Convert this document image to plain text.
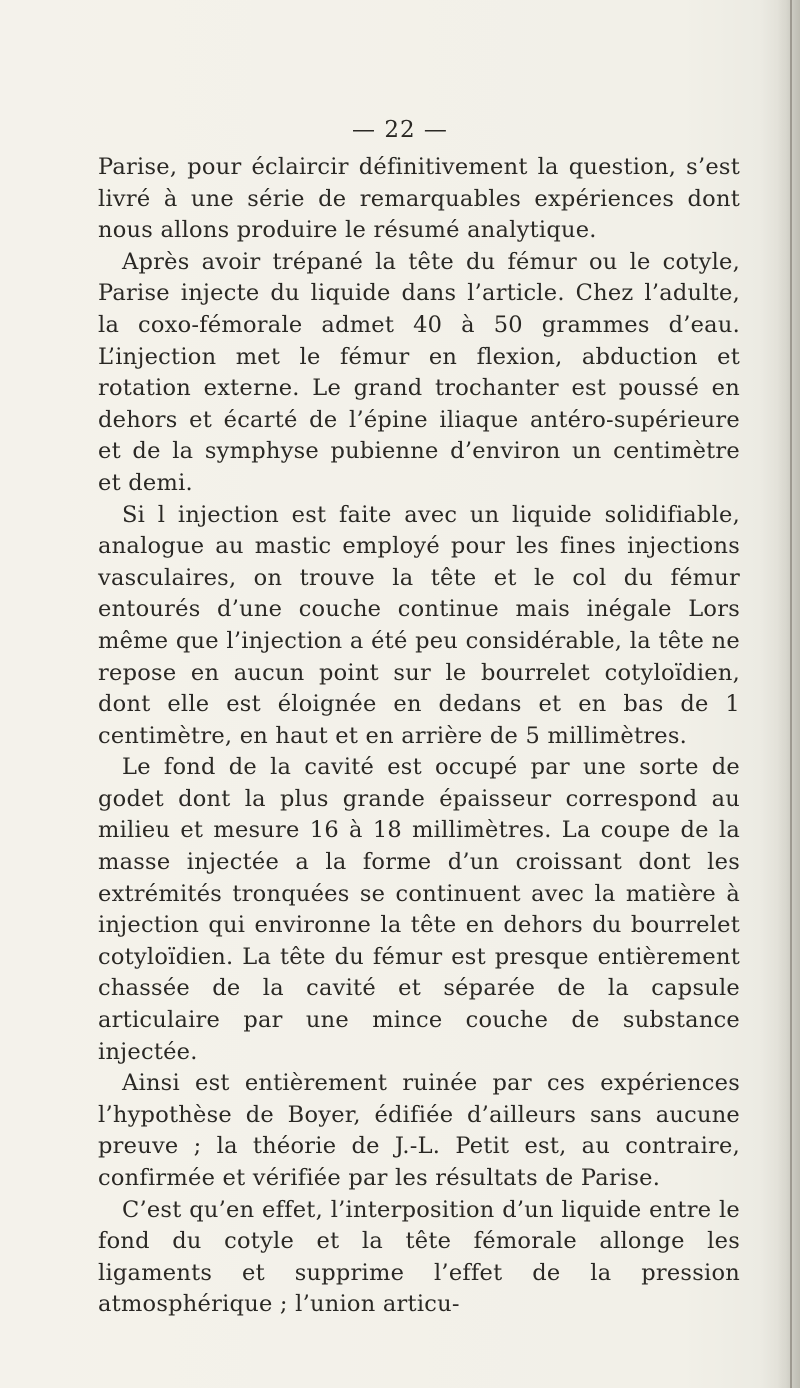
— 22 —

Parise, pour éclaircir définitivement la question, s’est livré à une série de remarquables expériences dont nous allons produire le résumé analytique.

Après avoir trépané la tête du fémur ou le cotyle, Parise injecte du liquide dans l’article. Chez l’adulte, la coxo-fémorale admet 40 à 50 grammes d’eau. L’injection met le fémur en flexion, abduction et rotation externe. Le grand trochanter est poussé en dehors et écarté de l’épine iliaque antéro-supérieure et de la symphyse pubienne d’environ un centimètre et demi.

Si l injection est faite avec un liquide solidifiable, analogue au mastic employé pour les fines injections vasculaires, on trouve la tête et le col du fémur entourés d’une couche continue mais inégale Lors même que l’injection a été peu considérable, la tête ne repose en aucun point sur le bourrelet cotyloïdien, dont elle est éloignée en dedans et en bas de 1 centimètre, en haut et en arrière de 5 millimètres.

Le fond de la cavité est occupé par une sorte de godet dont la plus grande épaisseur correspond au milieu et mesure 16 à 18 millimètres. La coupe de la masse injectée a la forme d’un croissant dont les extrémités tronquées se continuent avec la matière à injection qui environne la tête en dehors du bourrelet cotyloïdien. La tête du fémur est presque entièrement chassée de la cavité et séparée de la capsule articulaire par une mince couche de substance injectée.

Ainsi est entièrement ruinée par ces expériences l’hypothèse de Boyer, édifiée d’ailleurs sans aucune preuve ; la théorie de J.-L. Petit est, au contraire, confirmée et vérifiée par les résultats de Parise.

C’est qu’en effet, l’interposition d’un liquide entre le fond du cotyle et la tête fémorale allonge les ligaments et supprime l’effet de la pression atmosphérique ; l’union articu-
